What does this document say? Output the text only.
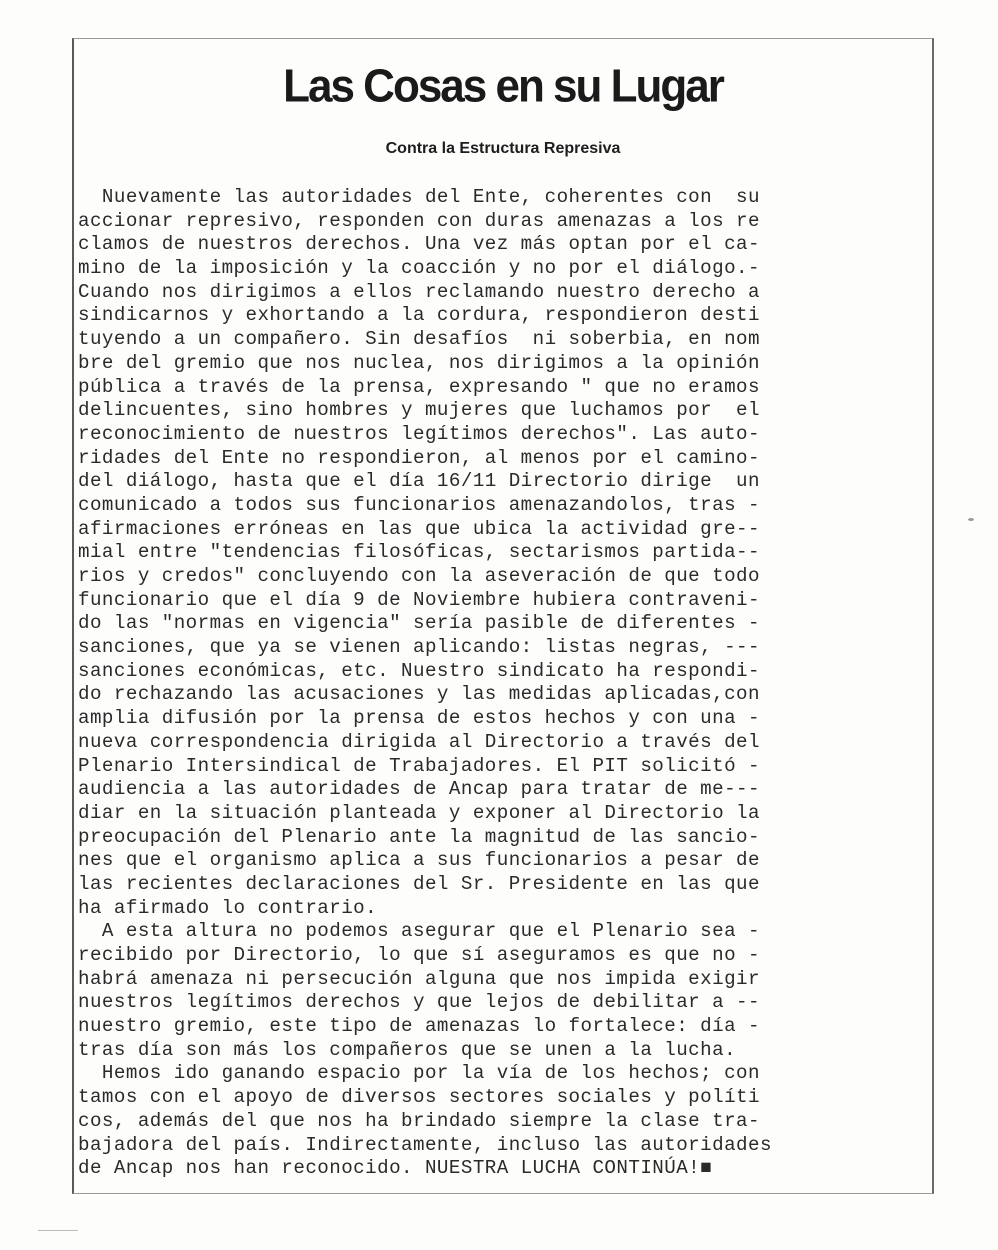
Las Cosas en su Lugar
Contra la Estructura Represiva
Nuevamente las autoridades del Ente, coherentes con  su
accionar represivo, responden con duras amenazas a los re
clamos de nuestros derechos. Una vez más optan por el ca-
mino de la imposición y la coacción y no por el diálogo.-
Cuando nos dirigimos a ellos reclamando nuestro derecho a
sindicarnos y exhortando a la cordura, respondieron desti
tuyendo a un compañero. Sin desafíos  ni soberbia, en nom
bre del gremio que nos nuclea, nos dirigimos a la opinión
pública a través de la prensa, expresando " que no eramos
delincuentes, sino hombres y mujeres que luchamos por  el
reconocimiento de nuestros legítimos derechos". Las auto-
ridades del Ente no respondieron, al menos por el camino-
del diálogo, hasta que el día 16/11 Directorio dirige  un
comunicado a todos sus funcionarios amenazandolos, tras -
afirmaciones erróneas en las que ubica la actividad gre--
mial entre "tendencias filosóficas, sectarismos partida--
rios y credos" concluyendo con la aseveración de que todo
funcionario que el día 9 de Noviembre hubiera contraveni-
do las "normas en vigencia" sería pasible de diferentes -
sanciones, que ya se vienen aplicando: listas negras, ---
sanciones económicas, etc. Nuestro sindicato ha respondi-
do rechazando las acusaciones y las medidas aplicadas,con
amplia difusión por la prensa de estos hechos y con una -
nueva correspondencia dirigida al Directorio a través del
Plenario Intersindical de Trabajadores. El PIT solicitó -
audiencia a las autoridades de Ancap para tratar de me---
diar en la situación planteada y exponer al Directorio la
preocupación del Plenario ante la magnitud de las sancio-
nes que el organismo aplica a sus funcionarios a pesar de
las recientes declaraciones del Sr. Presidente en las que
ha afirmado lo contrario.
A esta altura no podemos asegurar que el Plenario sea -
recibido por Directorio, lo que sí aseguramos es que no -
habrá amenaza ni persecución alguna que nos impida exigir
nuestros legítimos derechos y que lejos de debilitar a --
nuestro gremio, este tipo de amenazas lo fortalece: día -
tras día son más los compañeros que se unen a la lucha.
Hemos ido ganando espacio por la vía de los hechos; con
tamos con el apoyo de diversos sectores sociales y políti
cos, además del que nos ha brindado siempre la clase tra-
bajadora del país. Indirectamente, incluso las autoridades
de Ancap nos han reconocido. NUESTRA LUCHA CONTINÚA!■
